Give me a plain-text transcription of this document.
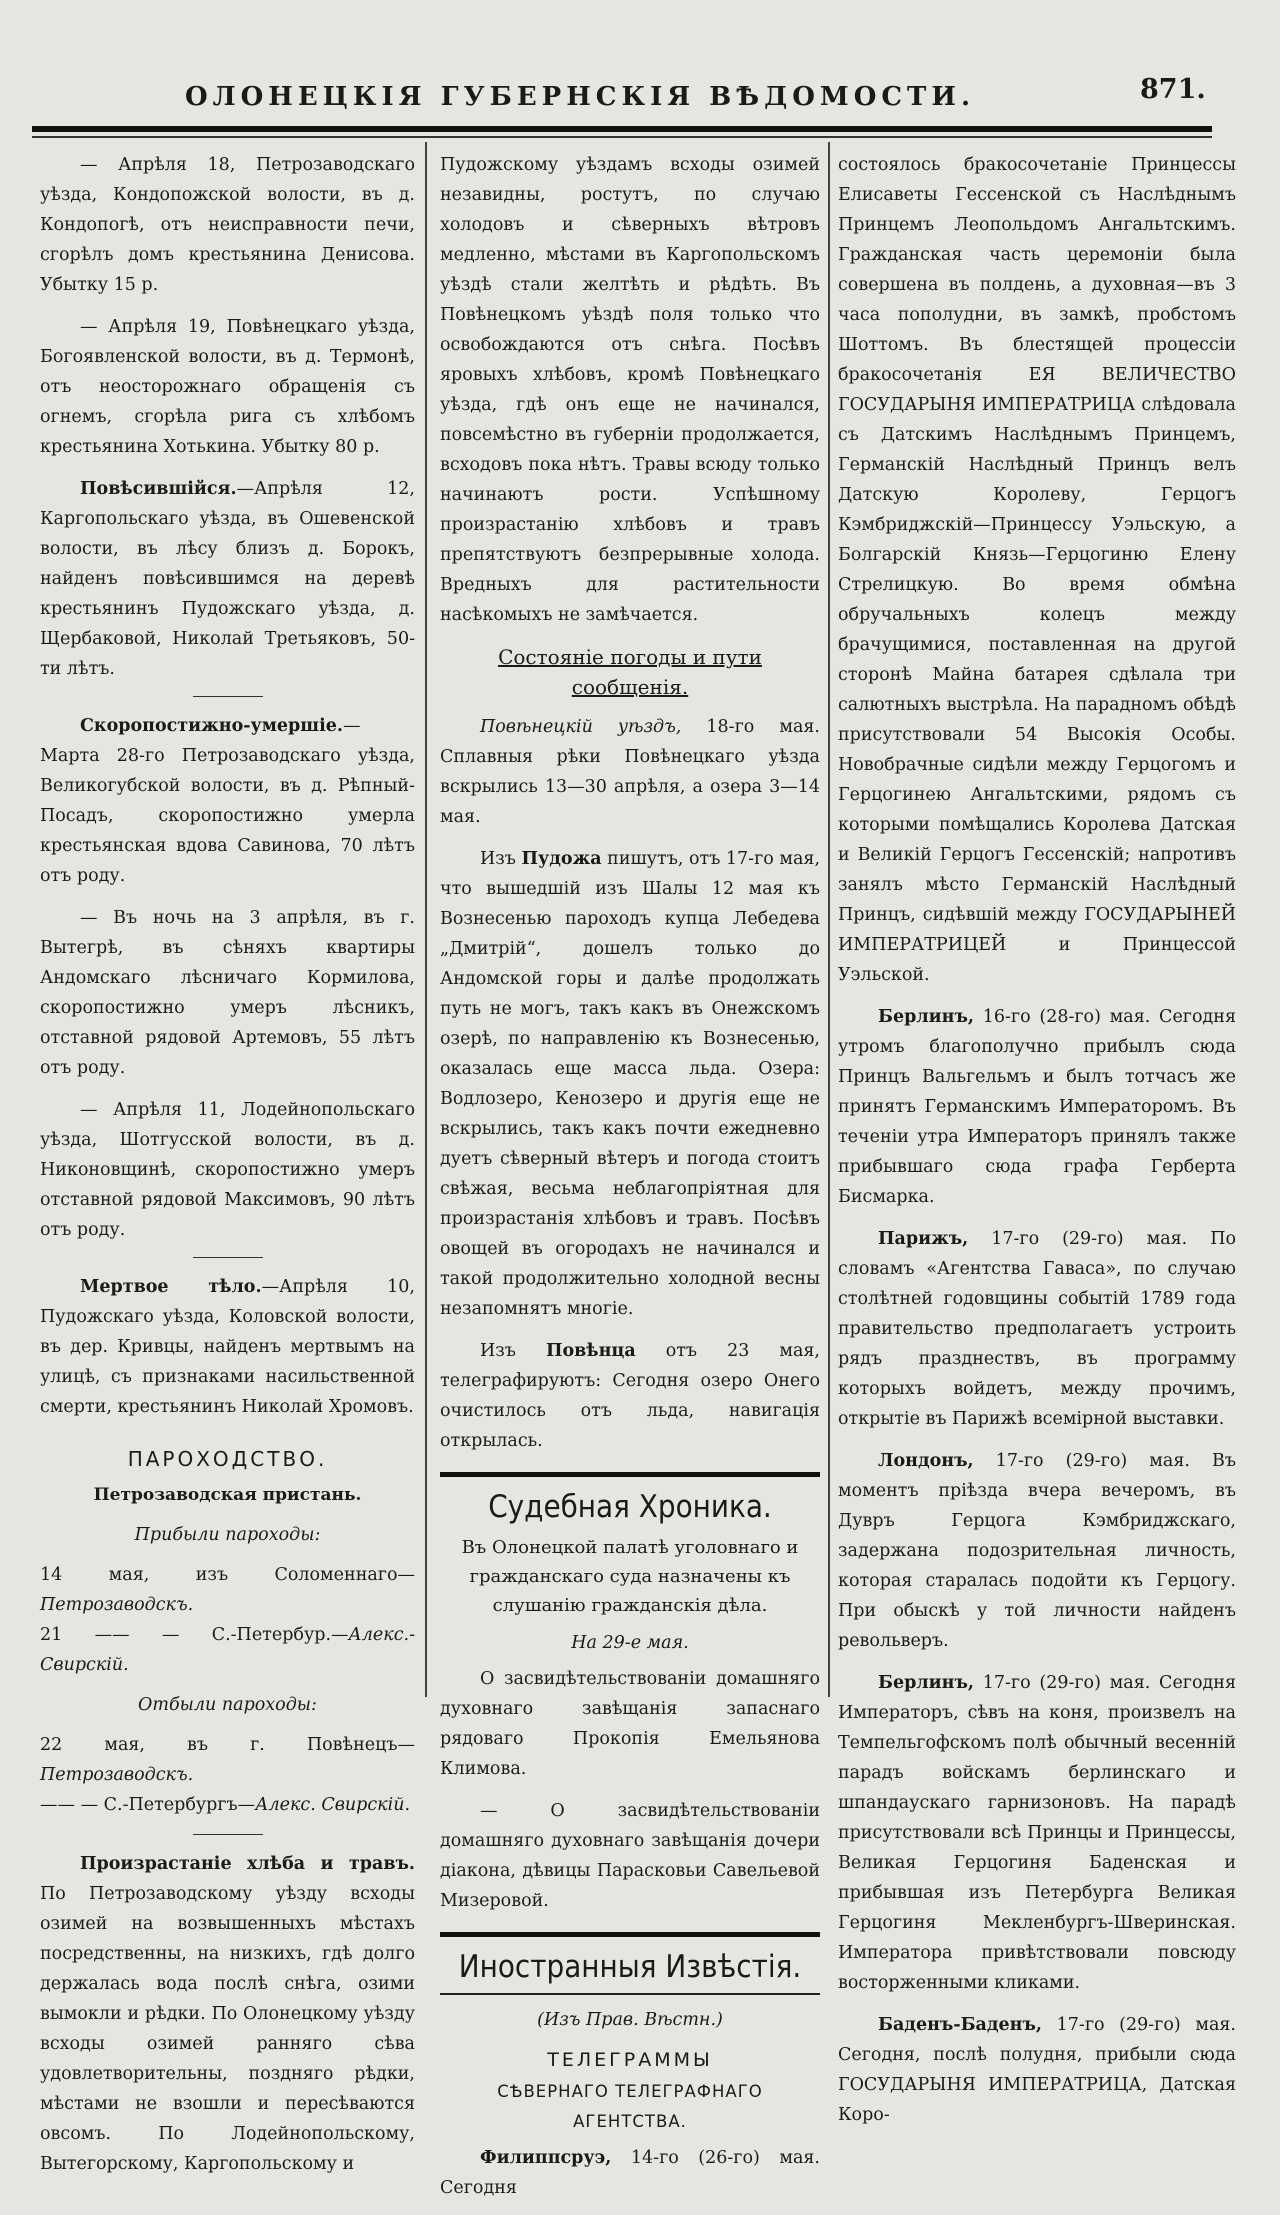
ОЛОНЕЦКІЯ ГУБЕРНСКІЯ ВѢДОМОСТИ.	871.

— Апрѣля 18, Петрозаводскаго уѣзда, Кондопожской волости, въ д. Кондопогѣ, отъ неисправности печи, сгорѣлъ домъ крестьянина Денисова. Убытку 15 р.

— Апрѣля 19, Повѣнецкаго уѣзда, Богоявленской волости, въ д. Термонѣ, отъ неосторожнаго обращенія съ огнемъ, сгорѣла рига съ хлѣбомъ крестьянина Хотькина. Убытку 80 р.

Повѣсившійся.—Апрѣля 12, Каргопольскаго уѣзда, въ Ошевенской волости, въ лѣсу близъ д. Борокъ, найденъ повѣсившимся на деревѣ крестьянинъ Пудожскаго уѣзда, д. Щербаковой, Николай Третьяковъ, 50-ти лѣтъ.

Скоропостижно-умершіе.—Марта 28-го Петрозаводскаго уѣзда, Великогубской волости, въ д. Рѣпный-Посадъ, скоропостижно умерла крестьянская вдова Савинова, 70 лѣтъ отъ роду.

— Въ ночь на 3 апрѣля, въ г. Вытегрѣ, въ сѣняхъ квартиры Андомскаго лѣсничаго Кормилова, скоропостижно умеръ лѣсникъ, отставной рядовой Артемовъ, 55 лѣтъ отъ роду.

— Апрѣля 11, Лодейнопольскаго уѣзда, Шотгусской волости, въ д. Никоновщинѣ, скоропостижно умеръ отставной рядовой Максимовъ, 90 лѣтъ отъ роду.

Мертвое тѣло.—Апрѣля 10, Пудожскаго уѣзда, Коловской волости, въ дер. Кривцы, найденъ мертвымъ на улицѣ, съ признаками насильственной смерти, крестьянинъ Николай Хромовъ.

ПАРОХОДСТВО.
Петрозаводская пристань.
Прибыли пароходы:
14 мая, изъ Соломеннаго—Петрозаводскъ.
21 —— — С.-Петербур.—Алекс.-Свирскій.
Отбыли пароходы:
22 мая, въ г. Повѣнецъ—Петрозаводскъ.
—— — С.-Петербургъ—Алекс. Свирскій.

Произрастаніе хлѣба и травъ. По Петрозаводскому уѣзду всходы озимей на возвышенныхъ мѣстахъ посредственны, на низкихъ, гдѣ долго держалась вода послѣ снѣга, озими вымокли и рѣдки. По Олонецкому уѣзду всходы озимей ранняго сѣва удовлетворительны, поздняго рѣдки, мѣстами не взошли и пересѣваются овсомъ. По Лодейнопольскому, Вытегорскому, Каргопольскому и

Пудожскому уѣздамъ всходы озимей незавидны, ростутъ, по случаю холодовъ и сѣверныхъ вѣтровъ медленно, мѣстами въ Каргопольскомъ уѣздѣ стали желтѣть и рѣдѣть. Въ Повѣнецкомъ уѣздѣ поля только что освобождаются отъ снѣга. Посѣвъ яровыхъ хлѣбовъ, кромѣ Повѣнецкаго уѣзда, гдѣ онъ еще не начинался, повсемѣстно въ губерніи продолжается, всходовъ пока нѣтъ. Травы всюду только начинаютъ рости. Успѣшному произрастанію хлѣбовъ и травъ препятствуютъ безпрерывные холода. Вредныхъ для растительности насѣкомыхъ не замѣчается.

Состояніе погоды и пути сообщенія.

Повѣнецкій уѣздъ, 18-го мая. Сплавныя рѣки Повѣнецкаго уѣзда вскрылись 13—30 апрѣля, а озера 3—14 мая.

Изъ Пудожа пишутъ, отъ 17-го мая, что вышедшій изъ Шалы 12 мая къ Вознесенью пароходъ купца Лебедева „Дмитрій“, дошелъ только до Андомской горы и далѣе продолжать путь не могъ, такъ какъ въ Онежскомъ озерѣ, по направленію къ Вознесенью, оказалась еще масса льда. Озера: Водлозеро, Кенозеро и другія еще не вскрылись, такъ какъ почти ежедневно дуетъ сѣверный вѣтеръ и погода стоитъ свѣжая, весьма неблагопріятная для произрастанія хлѣбовъ и травъ. Посѣвъ овощей въ огородахъ не начинался и такой продолжительно холодной весны незапомнятъ многіе.

Изъ Повѣнца отъ 23 мая, телеграфируютъ: Сегодня озеро Онего очистилось отъ льда, навигація открылась.

Судебная Хроника.
Въ Олонецкой палатѣ уголовнаго и гражданскаго суда назначены къ слушанію гражданскія дѣла.
На 29-е мая.

О засвидѣтельствованіи домашняго духовнаго завѣщанія запаснаго рядоваго Прокопія Емельянова Климова.

— О засвидѣтельствованіи домашняго духовнаго завѣщанія дочери діакона, дѣвицы Парасковьи Савельевой Мизеровой.

Иностранныя Извѣстія.
(Изъ Прав. Вѣстн.)
ТЕЛЕГРАММЫ
СѢВЕРНАГО ТЕЛЕГРАФНАГО АГЕНТСТВА.

Филиппсруэ, 14-го (26-го) мая. Сегодня

состоялось бракосочетаніе Принцессы Елисаветы Гессенской съ Наслѣднымъ Принцемъ Леопольдомъ Ангальтскимъ. Гражданская часть церемоніи была совершена въ полдень, а духовная—въ 3 часа пополудни, въ замкѣ, пробстомъ Шоттомъ. Въ блестящей процессіи бракосочетанія ЕЯ ВЕЛИЧЕСТВО ГОСУДАРЫНЯ ИМПЕРАТРИЦА слѣдовала съ Датскимъ Наслѣднымъ Принцемъ, Германскій Наслѣдный Принцъ велъ Датскую Королеву, Герцогъ Кэмбриджскій—Принцессу Уэльскую, а Болгарскій Князь—Герцогиню Елену Стрелицкую. Во время обмѣна обручальныхъ колецъ между брачущимися, поставленная на другой сторонѣ Майна батарея сдѣлала три салютныхъ выстрѣла. На парадномъ обѣдѣ присутствовали 54 Высокія Особы. Новобрачные сидѣли между Герцогомъ и Герцогинею Ангальтскими, рядомъ съ которыми помѣщались Королева Датская и Великій Герцогъ Гессенскій; напротивъ занялъ мѣсто Германскій Наслѣдный Принцъ, сидѣвшій между ГОСУДАРЫНЕЙ ИМПЕРАТРИЦЕЙ и Принцессой Уэльской.

Берлинъ, 16-го (28-го) мая. Сегодня утромъ благополучно прибылъ сюда Принцъ Вальгельмъ и былъ тотчасъ же принятъ Германскимъ Императоромъ. Въ теченіи утра Императоръ принялъ также прибывшаго сюда графа Герберта Бисмарка.

Парижъ, 17-го (29-го) мая. По словамъ «Агентства Гаваса», по случаю столѣтней годовщины событій 1789 года правительство предполагаетъ устроить рядъ празднествъ, въ программу которыхъ войдетъ, между прочимъ, открытіе въ Парижѣ всемірной выставки.

Лондонъ, 17-го (29-го) мая. Въ моментъ пріѣзда вчера вечеромъ, въ Дувръ Герцога Кэмбриджскаго, задержана подозрительная личность, которая старалась подойти къ Герцогу. При обыскѣ у той личности найденъ револьверъ.

Берлинъ, 17-го (29-го) мая. Сегодня Императоръ, сѣвъ на коня, произвелъ на Темпельгофскомъ полѣ обычный весенній парадъ войскамъ берлинскаго и шпандаускаго гарнизоновъ. На парадѣ присутствовали всѣ Принцы и Принцессы, Великая Герцогиня Баденская и прибывшая изъ Петербурга Великая Герцогиня Мекленбургъ-Шверинская. Императора привѣтствовали повсюду восторженными кликами.

Баденъ-Баденъ, 17-го (29-го) мая. Сегодня, послѣ полудня, прибыли сюда ГОСУДАРЫНЯ ИМПЕРАТРИЦА, Датская Коро-
